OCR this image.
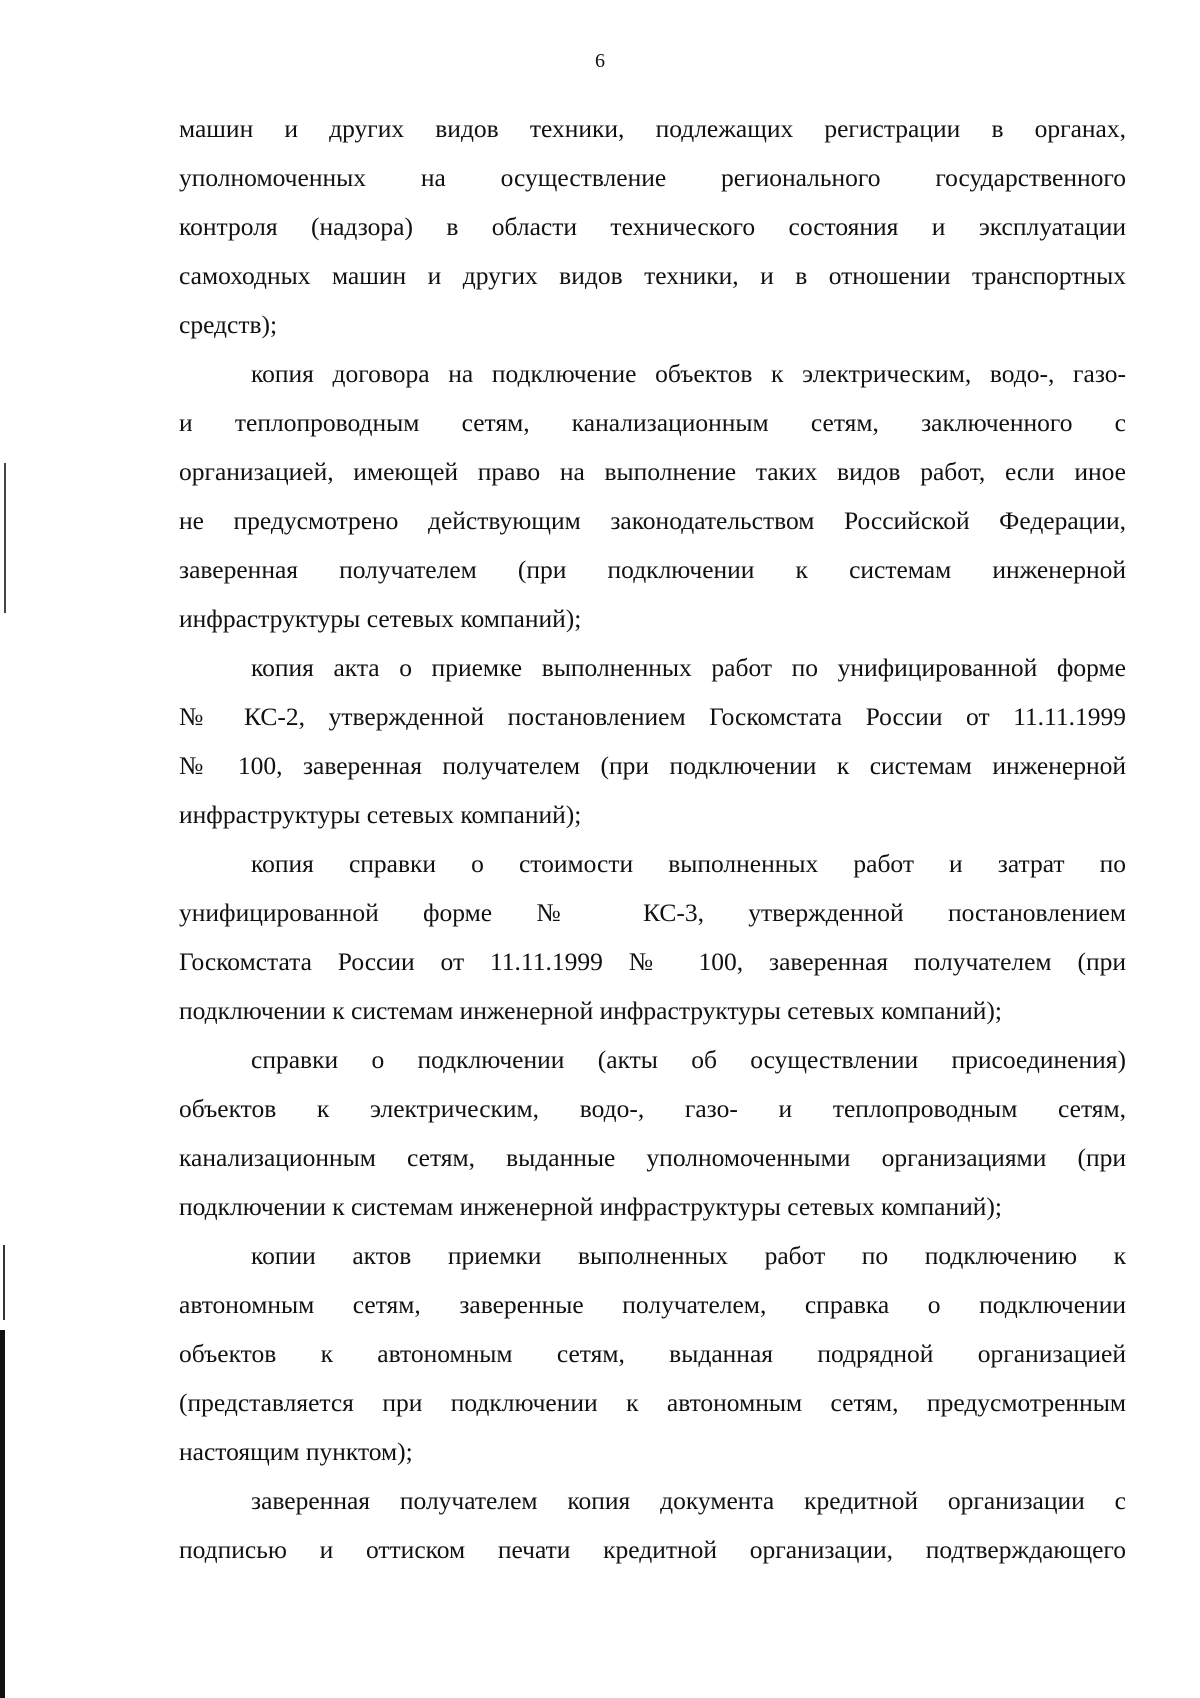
6
машин и других видов техники, подлежащих регистрации в органах,
уполномоченных на осуществление регионального государственного
контроля (надзора) в области технического состояния и эксплуатации
самоходных машин и других видов техники, и в отношении транспортных
средств);
копия договора на подключение объектов к электрическим, водо-, газо-
и теплопроводным сетям, канализационным сетям, заключенного с
организацией, имеющей право на выполнение таких видов работ, если иное
не предусмотрено действующим законодательством Российской Федерации,
заверенная получателем (при подключении к системам инженерной
инфраструктуры сетевых компаний);
копия акта о приемке выполненных работ по унифицированной форме
№ КС-2, утвержденной постановлением Госкомстата России от 11.11.1999
№ 100, заверенная получателем (при подключении к системам инженерной
инфраструктуры сетевых компаний);
копия справки о стоимости выполненных работ и затрат по
унифицированной форме № КС-3, утвержденной постановлением
Госкомстата России от 11.11.1999 № 100, заверенная получателем (при
подключении к системам инженерной инфраструктуры сетевых компаний);
справки о подключении (акты об осуществлении присоединения)
объектов к электрическим, водо-, газо- и теплопроводным сетям,
канализационным сетям, выданные уполномоченными организациями (при
подключении к системам инженерной инфраструктуры сетевых компаний);
копии актов приемки выполненных работ по подключению к
автономным сетям, заверенные получателем, справка о подключении
объектов к автономным сетям, выданная подрядной организацией
(представляется при подключении к автономным сетям, предусмотренным
настоящим пунктом);
заверенная получателем копия документа кредитной организации с
подписью и оттиском печати кредитной организации, подтверждающего
